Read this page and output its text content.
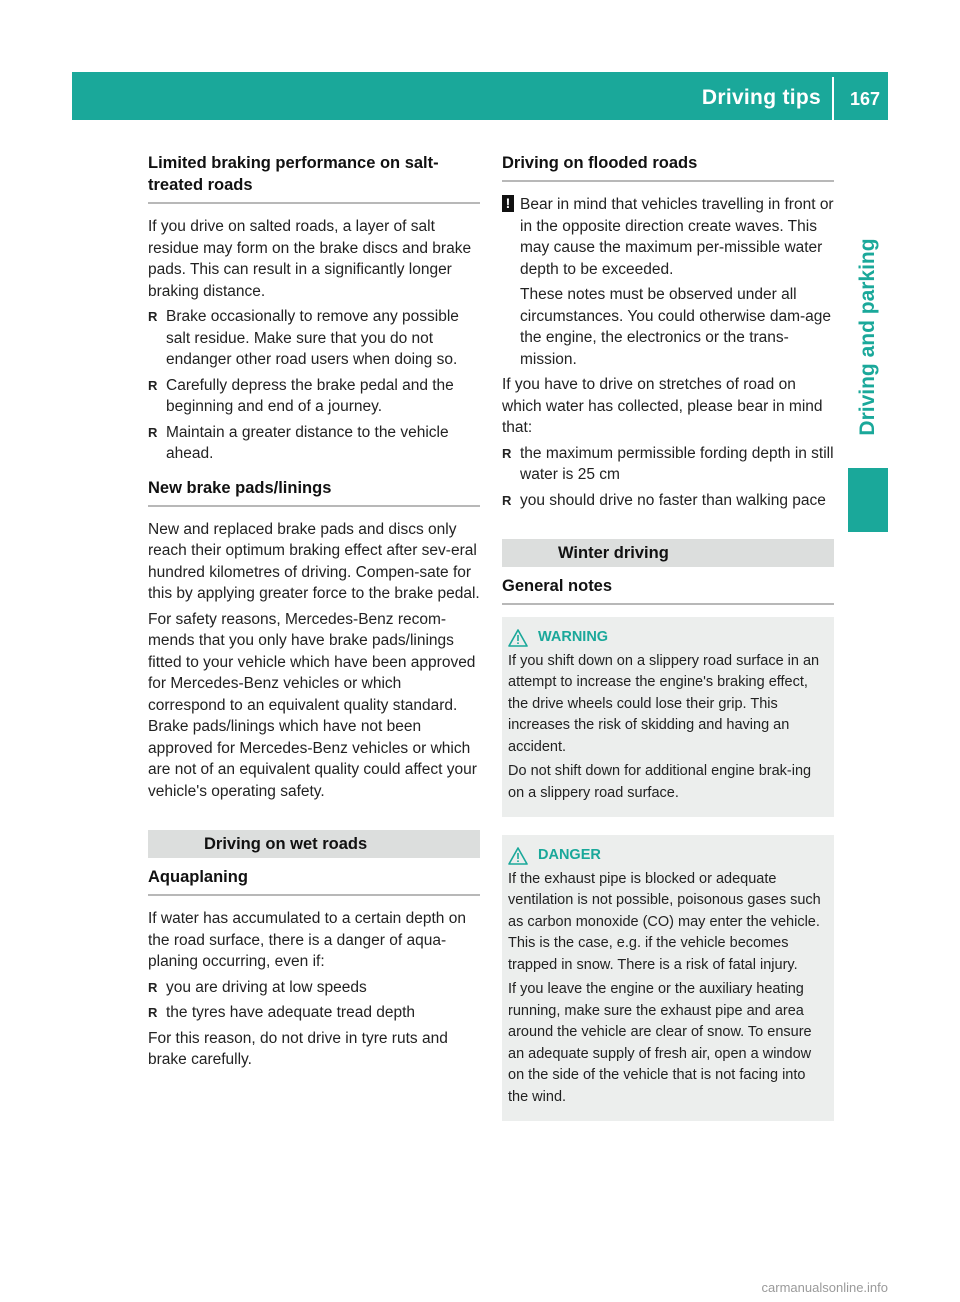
Driving tips 167
Driving and parking
Limited braking performance on salt-treated roads

If you drive on salted roads, a layer of salt residue may form on the brake discs and brake pads. This can result in a significantly longer braking distance.

R Brake occasionally to remove any possible salt residue. Make sure that you do not endanger other road users when doing so.
R Carefully depress the brake pedal and the beginning and end of a journey.
R Maintain a greater distance to the vehicle ahead.
New brake pads/linings

New and replaced brake pads and discs only reach their optimum braking effect after sev-eral hundred kilometres of driving. Compen-sate for this by applying greater force to the brake pedal.

For safety reasons, Mercedes-Benz recom-mends that you only have brake pads/linings fitted to your vehicle which have been approved for Mercedes-Benz vehicles or which correspond to an equivalent quality standard. Brake pads/linings which have not been approved for Mercedes-Benz vehicles or which are not of an equivalent quality could affect your vehicle's operating safety.

Driving on wet roads
Aquaplaning

If water has accumulated to a certain depth on the road surface, there is a danger of aqua-planing occurring, even if:

R you are driving at low speeds
R the tyres have adequate tread depth

For this reason, do not drive in tyre ruts and brake carefully.

Driving on flooded roads
! Bear in mind that vehicles travelling in front or in the opposite direction create waves. This may cause the maximum per-missible water depth to be exceeded.

These notes must be observed under all circumstances. You could otherwise dam-age the engine, the electronics or the trans-mission.

If you have to drive on stretches of road on which water has collected, please bear in mind that:

R the maximum permissible fording depth in still water is 25 cm
R you should drive no faster than walking pace
Winter driving
General notes
WARNING

If you shift down on a slippery road surface in an attempt to increase the engine's braking effect, the drive wheels could lose their grip. This increases the risk of skidding and having an accident.

Do not shift down for additional engine brak-ing on a slippery road surface.

DANGER

If the exhaust pipe is blocked or adequate ventilation is not possible, poisonous gases such as carbon monoxide (CO) may enter the vehicle. This is the case, e.g. if the vehicle becomes trapped in snow. There is a risk of fatal injury.

If you leave the engine or the auxiliary heating running, make sure the exhaust pipe and area around the vehicle are clear of snow. To ensure an adequate supply of fresh air, open a window on the side of the vehicle that is not facing into the wind.

carmanualsonline.info
